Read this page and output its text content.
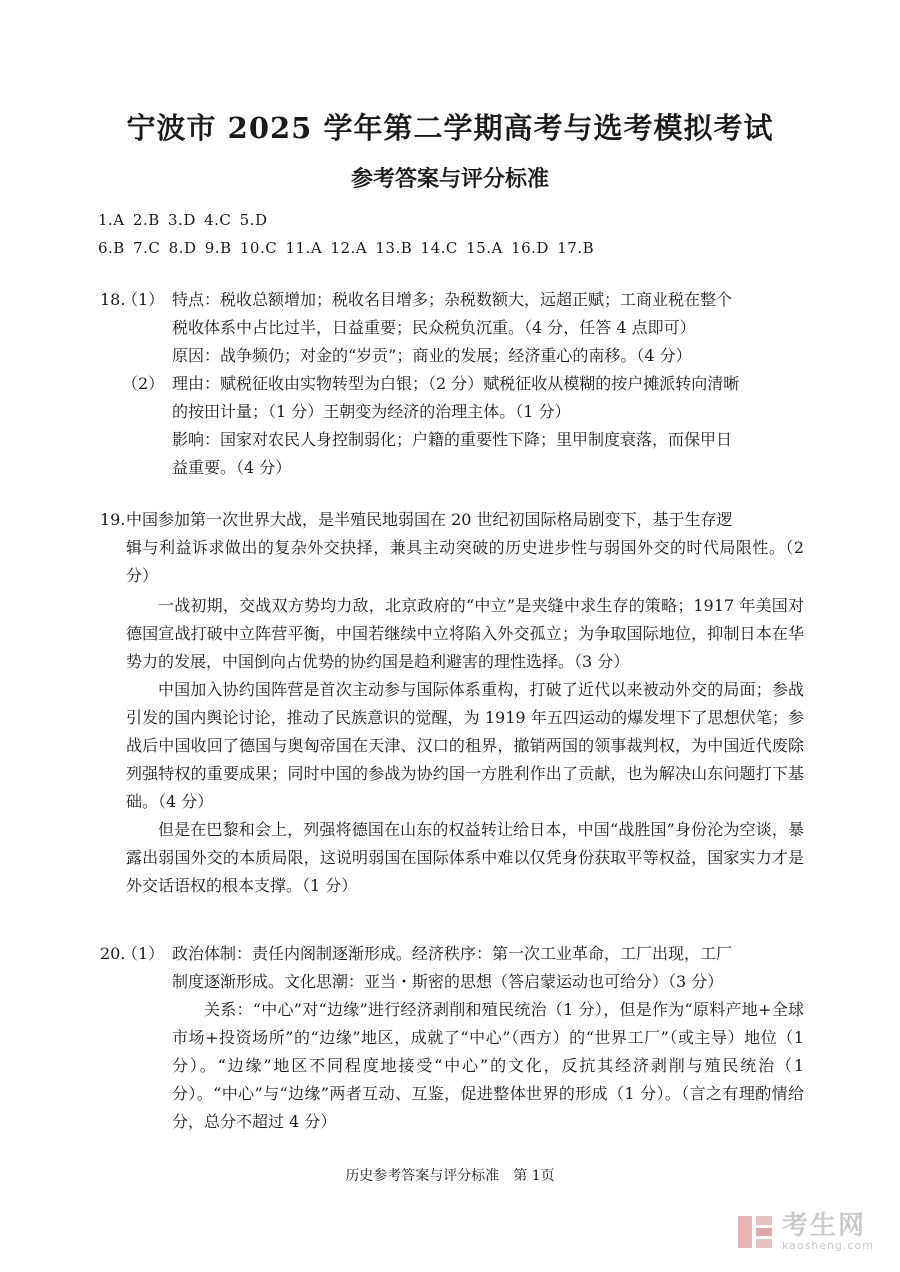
宁波市 2025 学年第二学期高考与选考模拟考试
参考答案与评分标准
1.A 2.B 3.D 4.C 5.D
6.B 7.C 8.D 9.B 10.C 11.A 12.A 13.B 14.C 15.A 16.D 17.B
18.
（1） 特点：税收总额增加；税收名目增多；杂税数额大，远超正赋；工商业税在整个
税收体系中占比过半，日益重要；民众税负沉重。（4 分，任答 4 点即可）
原因：战争频仍；对金的“岁贡”；商业的发展；经济重心的南移。（4 分）
（2） 理由：赋税征收由实物转型为白银；（2 分）赋税征收从模糊的按户摊派转向清晰
的按田计量；（1 分）王朝变为经济的治理主体。（1 分）
影响：国家对农民人身控制弱化；户籍的重要性下降；里甲制度衰落，而保甲日
益重要。（4 分）
19. 中国参加第一次世界大战，是半殖民地弱国在 20 世纪初国际格局剧变下，基于生存逻
辑与利益诉求做出的复杂外交抉择，兼具主动突破的历史进步性与弱国外交的时代局限性。（2 分）
一战初期，交战双方势均力敌，北京政府的“中立”是夹缝中求生存的策略；1917 年美国对德国宣战打破中立阵营平衡，中国若继续中立将陷入外交孤立；为争取国际地位，抑制日本在华势力的发展，中国倒向占优势的协约国是趋利避害的理性选择。（3 分）
中国加入协约国阵营是首次主动参与国际体系重构，打破了近代以来被动外交的局面；参战引发的国内舆论讨论，推动了民族意识的觉醒，为 1919 年五四运动的爆发埋下了思想伏笔；参战后中国收回了德国与奥匈帝国在天津、汉口的租界，撤销两国的领事裁判权，为中国近代废除列强特权的重要成果；同时中国的参战为协约国一方胜利作出了贡献，也为解决山东问题打下基础。（4 分）
但是在巴黎和会上，列强将德国在山东的权益转让给日本，中国“战胜国”身份沦为空谈，暴露出弱国外交的本质局限，这说明弱国在国际体系中难以仅凭身份获取平等权益，国家实力才是外交话语权的根本支撑。（1 分）
20.
（1） 政治体制：责任内阁制逐渐形成。经济秩序：第一次工业革命，工厂出现，工厂
制度逐渐形成。文化思潮：亚当・斯密的思想（答启蒙运动也可给分）（3 分）
关系：“中心”对“边缘”进行经济剥削和殖民统治（1 分），但是作为“原料产地+全球市场+投资场所”的“边缘”地区，成就了“中心”（西方）的“世界工厂”（或主导）地位（1 分）。“边缘”地区不同程度地接受“中心”的文化，反抗其经济剥削与殖民统治（1 分）。“中心”与“边缘”两者互动、互鉴，促进整体世界的形成（1 分）。（言之有理酌情给分，总分不超过 4 分）
历史参考答案与评分标准　第 1页
考生网
kaosheng.com
